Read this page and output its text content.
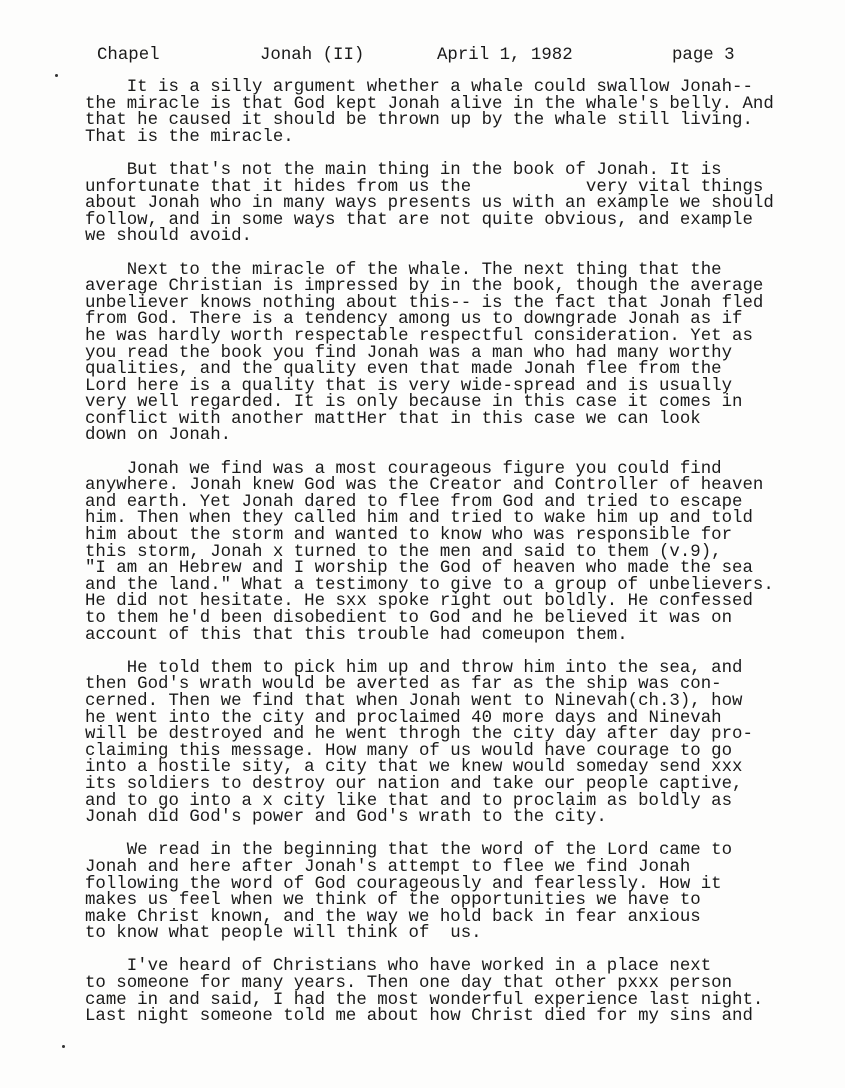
Chapel	Jonah (II)	April 1, 1982	page 3
It is a silly argument whether a whale could swallow Jonah--
the miracle is that God kept Jonah alive in the whale's belly. And
that he caused it should be thrown up by the whale still living.
That is the miracle.
But that's not the main thing in the book of Jonah. It is
unfortunate that it hides from us the           very vital things
about Jonah who in many ways presents us with an example we should
follow, and in some ways that are not quite obvious, and example
we should avoid.
Next to the miracle of the whale. The next thing that the
average Christian is impressed by in the book, though the average
unbeliever knows nothing about this-- is the fact that Jonah fled
from God. There is a tendency among us to downgrade Jonah as if
he was hardly worth respectable respectful consideration. Yet as
you read the book you find Jonah was a man who had many worthy
qualities, and the quality even that made Jonah flee from the
Lord here is a quality that is very wide-spread and is usually
very well regarded. It is only because in this case it comes in
conflict with another mattHer that in this case we can look
down on Jonah.
Jonah we find was a most courageous figure you could find
anywhere. Jonah knew God was the Creator and Controller of heaven
and earth. Yet Jonah dared to flee from God and tried to escape
him. Then when they called him and tried to wake him up and told
him about the storm and wanted to know who was responsible for
this storm, Jonah x turned to the men and said to them (v.9),
"I am an Hebrew and I worship the God of heaven who made the sea
and the land." What a testimony to give to a group of unbelievers.
He did not hesitate. He sxx spoke right out boldly. He confessed
to them he'd been disobedient to God and he believed it was on
account of this that this trouble had comeupon them.
He told them to pick him up and throw him into the sea, and
then God's wrath would be averted as far as the ship was con-
cerned. Then we find that when Jonah went to Ninevah(ch.3), how
he went into the city and proclaimed 40 more days and Ninevah
will be destroyed and he went throgh the city day after day pro-
claiming this message. How many of us would have courage to go
into a hostile sity, a city that we knew would someday send xxx
its soldiers to destroy our nation and take our people captive,
and to go into a x city like that and to proclaim as boldly as
Jonah did God's power and God's wrath to the city.
We read in the beginning that the word of the Lord came to
Jonah and here after Jonah's attempt to flee we find Jonah
following the word of God courageously and fearlessly. How it
makes us feel when we think of the opportunities we have to
make Christ known, and the way we hold back in fear anxious
to know what people will think of  us.
I've heard of Christians who have worked in a place next
to someone for many years. Then one day that other pxxx person
came in and said, I had the most wonderful experience last night.
Last night someone told me about how Christ died for my sins and
